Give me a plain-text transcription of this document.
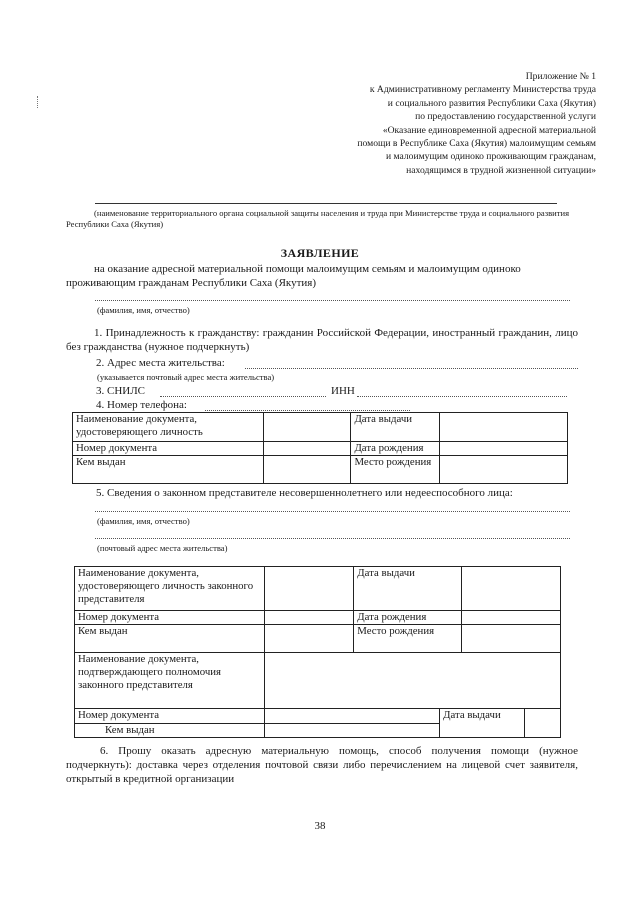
Приложение № 1
к Административному регламенту Министерства труда
и социального развития Республики Саха (Якутия)
по предоставлению государственной услуги
«Оказание единовременной адресной материальной
помощи в Республике Саха (Якутия) малоимущим семьям
и малоимущим одиноко проживающим гражданам,
находящимся в трудной жизненной ситуации»
(наименование территориального органа социальной защиты населения и труда при Министерстве труда и социального развития Республики Саха (Якутия)
ЗАЯВЛЕНИЕ
на оказание адресной материальной помощи малоимущим семьям и малоимущим одиноко проживающим гражданам Республики Саха (Якутия)
(фамилия, имя, отчество)
1. Принадлежность к гражданству: гражданин Российской Федерации, иностранный гражданин, лицо без гражданства (нужное подчеркнуть)
2. Адрес места жительства:
(указывается почтовый адрес места жительства)
3. СНИЛС	ИНН
4. Номер телефона:
Наименование документа, удостоверяющего личность		Дата выдачи	
Номер документа		Дата рождения	
Кем выдан		Место рождения	
5. Сведения о законном представителе несовершеннолетнего или недееспособного лица:
(фамилия, имя, отчество)
(почтовый адрес места жительства)
Наименование документа, удостоверяющего личность законного представителя		Дата выдачи		
Номер документа		Дата рождения		
Кем выдан		Место рождения		
Наименование документа, подтверждающего полномочия законного представителя				
Номер документа			Дата выдачи	

Кем выдан				
6. Прошу оказать адресную материальную помощь, способ получения помощи (нужное подчеркнуть): доставка через отделения почтовой связи либо перечислением на лицевой счет заявителя, открытый в кредитной организации
38
